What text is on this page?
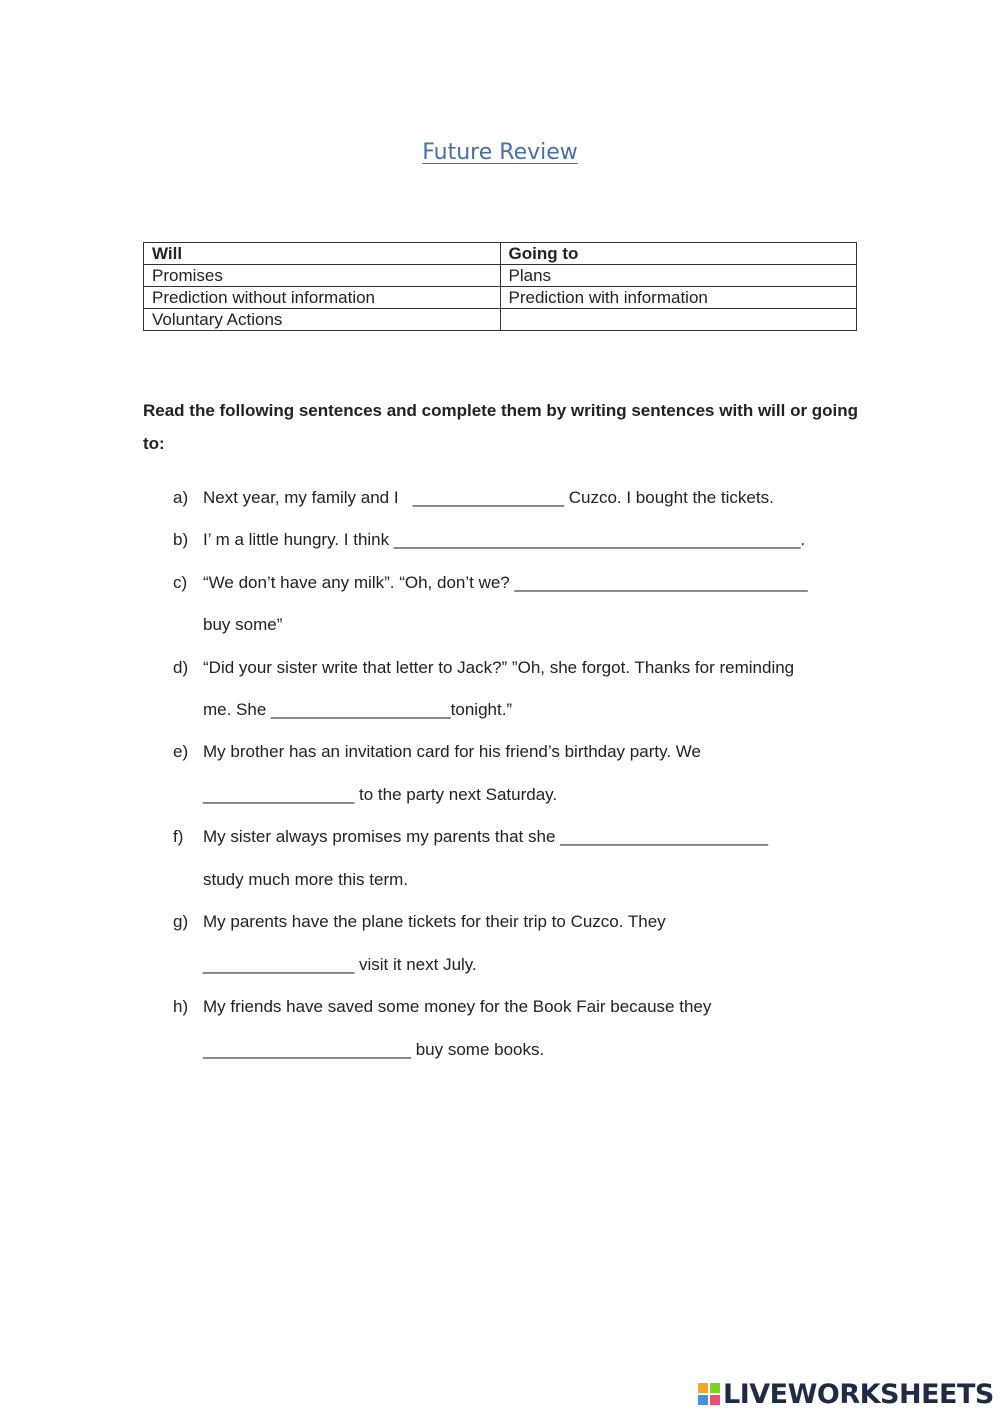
Future Review
Will	Going to
Promises	Plans
Prediction without information	Prediction with information
Voluntary Actions	
Read the following sentences and complete them by writing sentences with will or going to:
a) Next year, my family and I   ________________ Cuzco. I bought the tickets.
b) I’ m a little hungry. I think ___________________________________________.
c) “We don’t have any milk”. “Oh, don’t we? _______________________________
buy some”
d) “Did your sister write that letter to Jack?” ”Oh, she forgot. Thanks for reminding
me. She ___________________tonight.”
e) My brother has an invitation card for his friend’s birthday party. We
________________ to the party next Saturday.
f) My sister always promises my parents that she ______________________
study much more this term.
g) My parents have the plane tickets for their trip to Cuzco. They
________________ visit it next July.
h) My friends have saved some money for the Book Fair because they
______________________ buy some books.
LIVEWORKSHEETS
